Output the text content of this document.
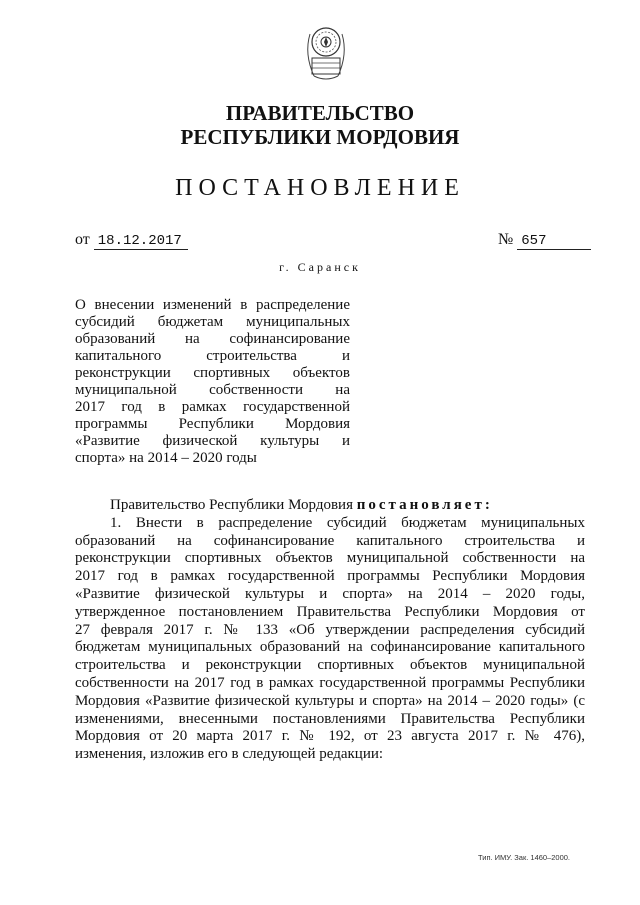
ПРАВИТЕЛЬСТВО
РЕСПУБЛИКИ МОРДОВИЯ
ПОСТАНОВЛЕНИЕ
от 18.12.2017	№ 657
г. Саранск
О внесении изменений в распределение
субсидий бюджетам муниципальных
образований на софинансирование
капитального строительства и
реконструкции спортивных объектов
муниципальной собственности на
2017 год в рамках государственной
программы Республики Мордовия
«Развитие физической культуры и
спорта» на 2014 – 2020 годы
Правительство Республики Мордовия постановляет:
1. Внести в распределение субсидий бюджетам муниципальных
образований на софинансирование капитального строительства и
реконструкции спортивных объектов муниципальной собственности на
2017 год в рамках государственной программы Республики Мордовия
«Развитие физической культуры и спорта» на 2014 – 2020 годы,
утвержденное постановлением Правительства Республики Мордовия от
27 февраля 2017 г. № 133 «Об утверждении распределения субсидий
бюджетам муниципальных образований на софинансирование капитального
строительства и реконструкции спортивных объектов муниципальной
собственности на 2017 год в рамках государственной программы Республики
Мордовия «Развитие физической культуры и спорта» на 2014 – 2020 годы» (с
изменениями, внесенными постановлениями Правительства Республики
Мордовия от 20 марта 2017 г. № 192, от 23 августа 2017 г. № 476),
изменения, изложив его в следующей редакции:
Тип. ИМУ. Зак. 1460–2000.
